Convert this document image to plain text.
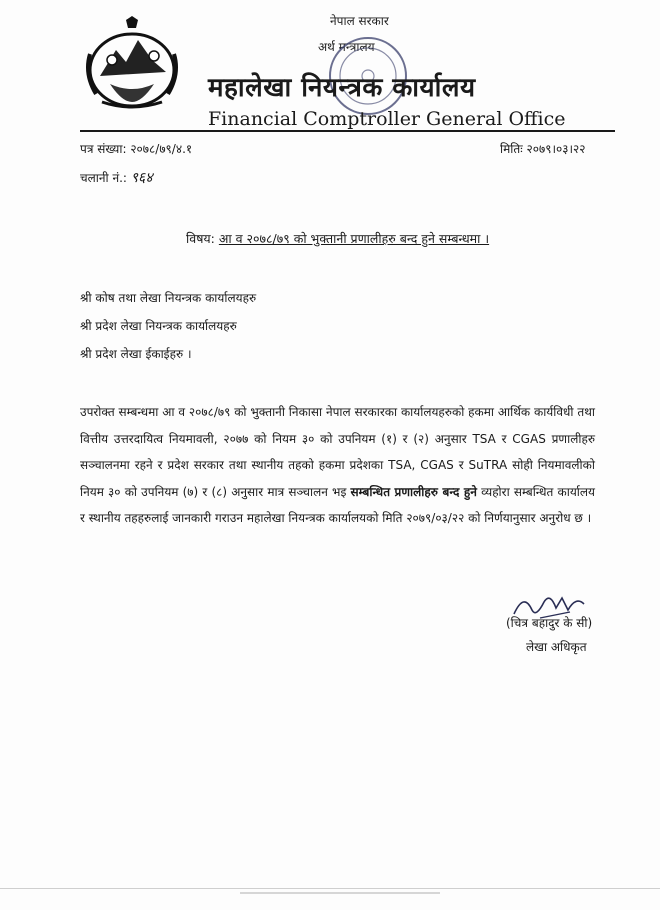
नेपाल सरकार
अर्थ मन्त्रालय
महालेखा नियन्त्रक कार्यालय
Financial Comptroller General Office
पत्र संख्या: २०७८/७९/४.१	मितिः २०७९।०३।२२
चलानी नं.: ९६४
विषय: आ व २०७८/७९ को भुक्तानी प्रणालीहरु बन्द हुने सम्बन्धमा ।
श्री कोष तथा लेखा नियन्त्रक कार्यालयहरु
श्री प्रदेश लेखा नियन्त्रक कार्यालयहरु
श्री प्रदेश लेखा ईकाईहरु ।
उपरोक्त सम्बन्धमा आ व २०७८/७९ को भुक्तानी निकासा नेपाल सरकारका कार्यालयहरुको हकमा आर्थिक कार्यविधी तथा वित्तीय उत्तरदायित्व नियमावली, २०७७ को नियम ३० को उपनियम (१) र (२) अनुसार TSA र CGAS प्रणालीहरु सञ्चालनमा रहने र प्रदेश सरकार तथा स्थानीय तहको हकमा प्रदेशका TSA, CGAS र SuTRA सोही नियमावलीको नियम ३० को उपनियम (७) र (८) अनुसार मात्र सञ्चालन भइ सम्बन्धित प्रणालीहरु बन्द हुने व्यहोरा सम्बन्धित कार्यालय र स्थानीय तहहरुलाई जानकारी गराउन महालेखा नियन्त्रक कार्यालयको मिति २०७९/०३/२२ को निर्णयानुसार अनुरोध छ ।
(चित्र बहादुर के सी)
लेखा अधिकृत
